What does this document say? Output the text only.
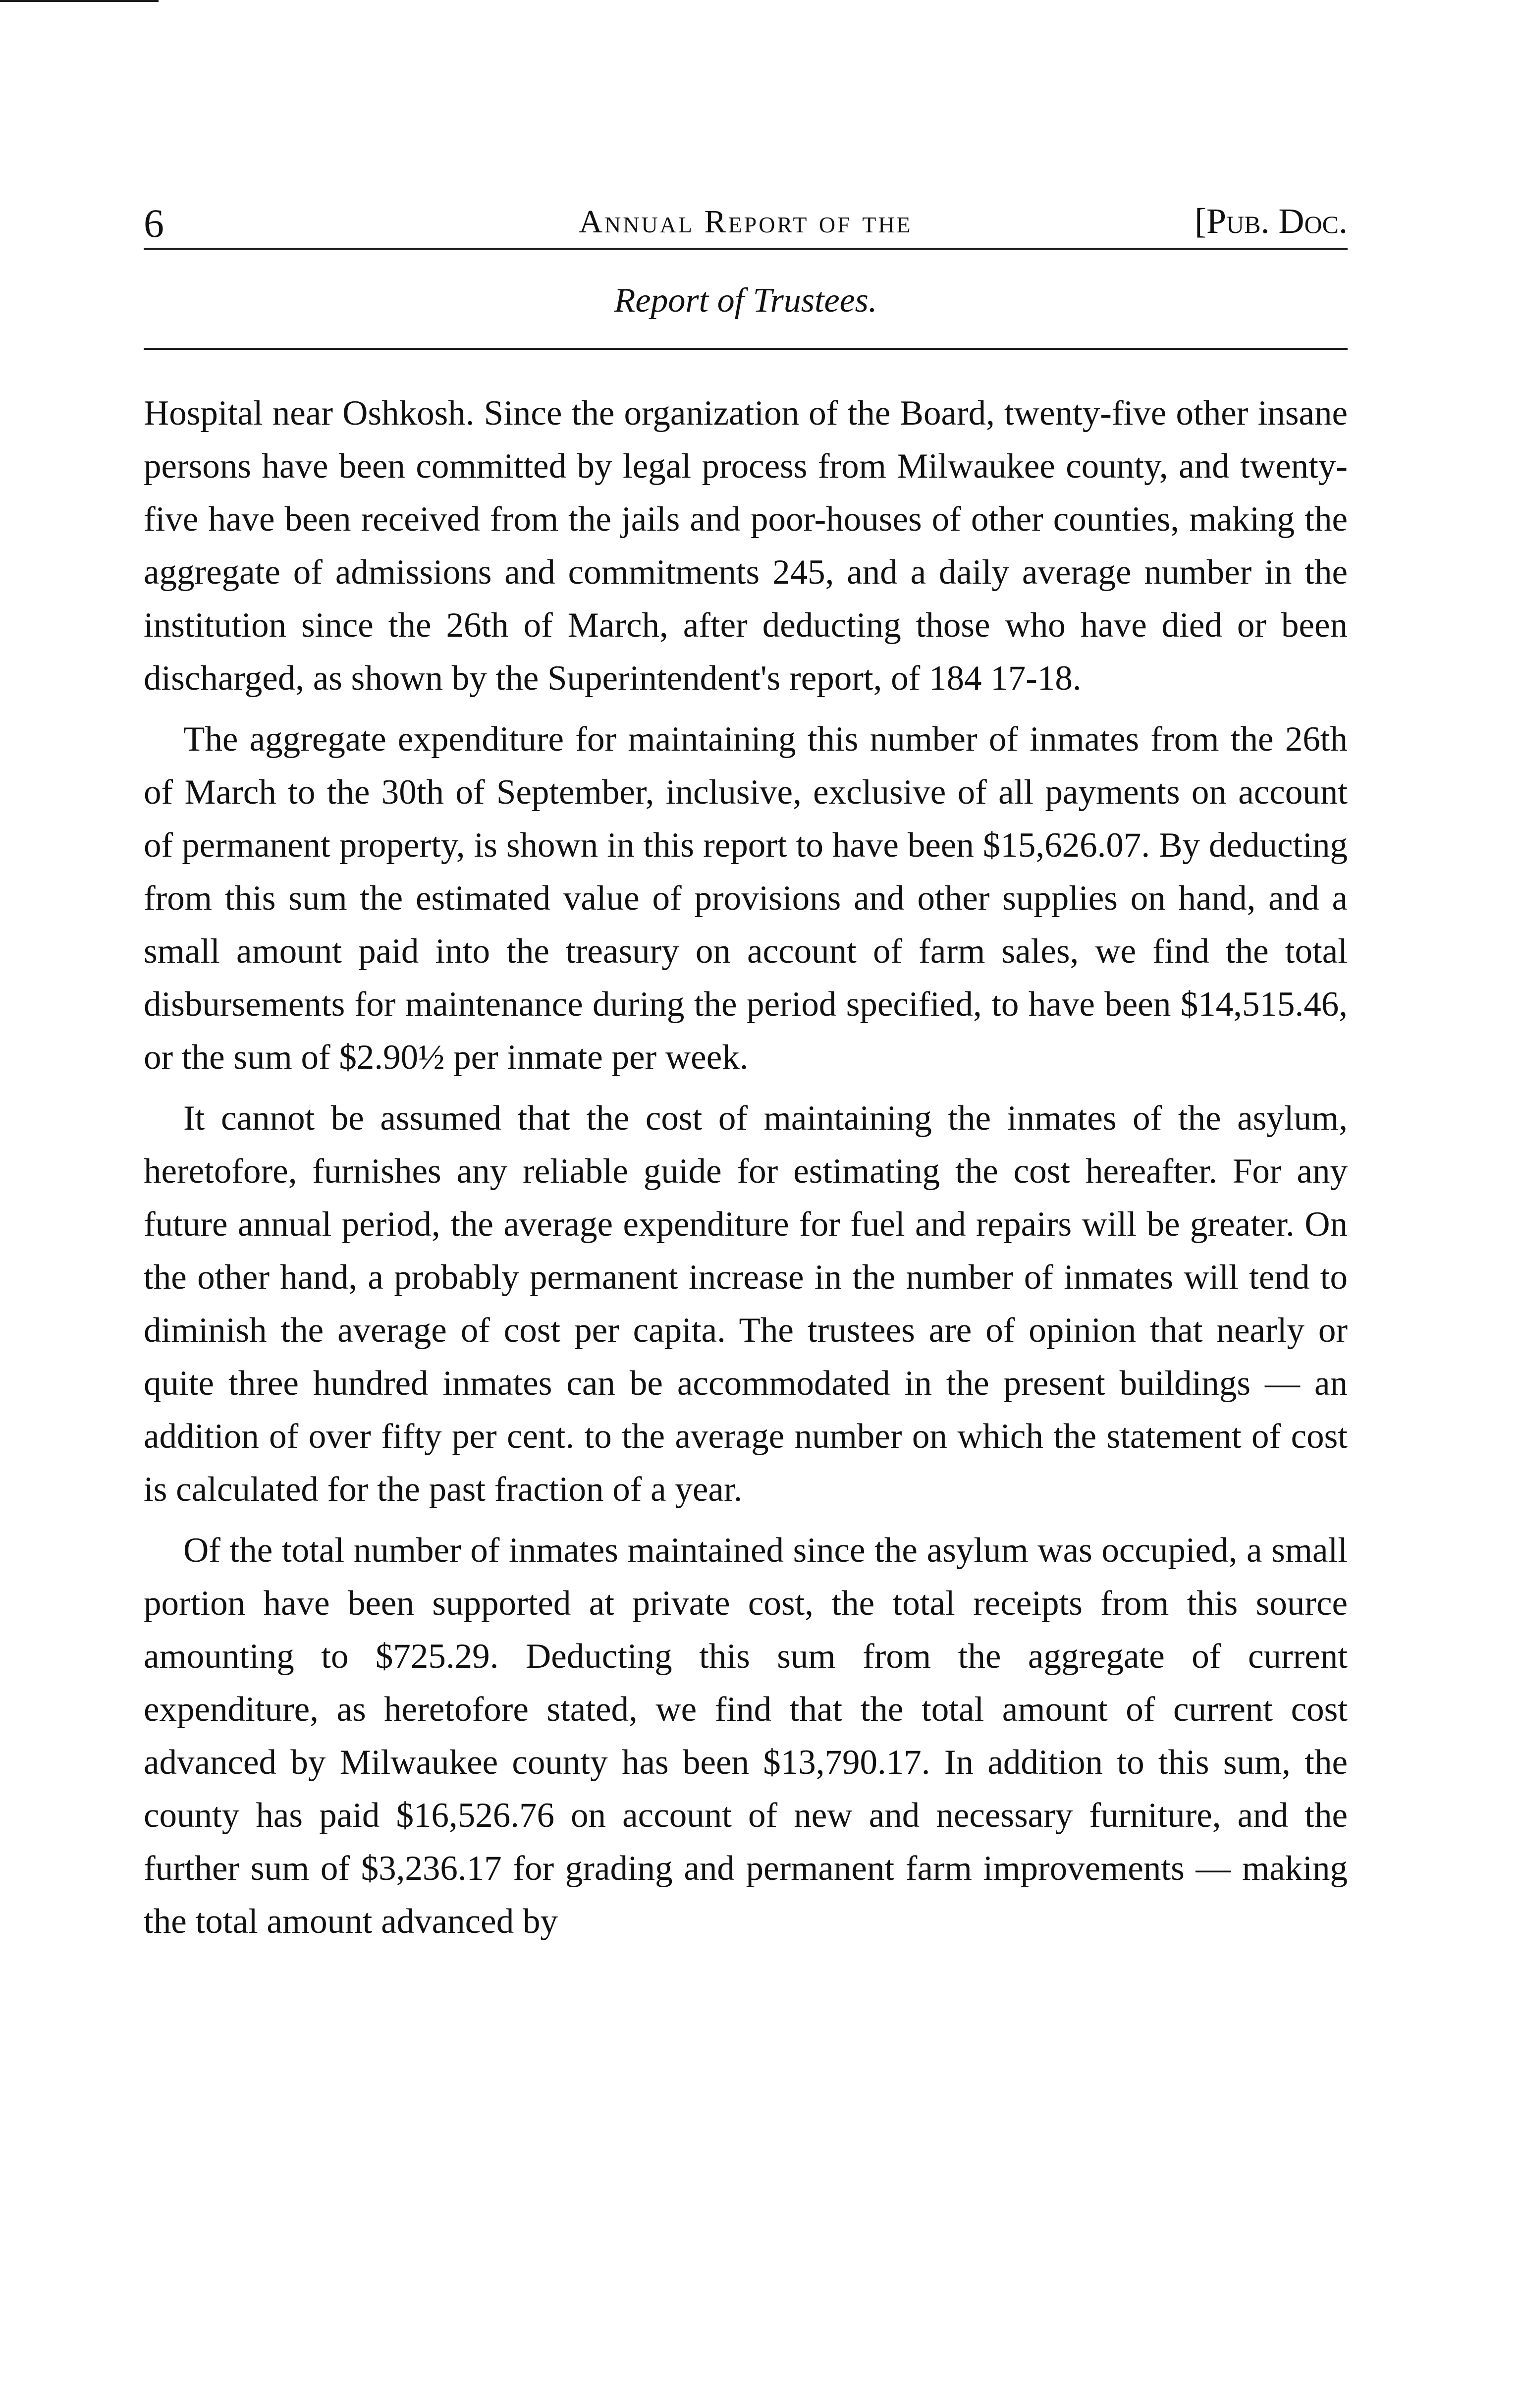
6	Annual Report of the	[Pub. Doc.
Report of Trustees.

Hospital near Oshkosh. Since the organization of the Board, twenty-five other insane persons have been committed by legal process from Milwaukee county, and twenty-five have been received from the jails and poor-houses of other counties, making the aggregate of admissions and commitments 245, and a daily average number in the institution since the 26th of March, after deducting those who have died or been discharged, as shown by the Superintendent's report, of 184 17-18.

The aggregate expenditure for maintaining this number of inmates from the 26th of March to the 30th of September, inclusive, exclusive of all payments on account of permanent property, is shown in this report to have been $15,626.07. By deducting from this sum the estimated value of provisions and other supplies on hand, and a small amount paid into the treasury on account of farm sales, we find the total disbursements for maintenance during the period specified, to have been $14,515.46, or the sum of $2.90½ per inmate per week.

It cannot be assumed that the cost of maintaining the inmates of the asylum, heretofore, furnishes any reliable guide for estimating the cost hereafter. For any future annual period, the average expenditure for fuel and repairs will be greater. On the other hand, a probably permanent increase in the number of inmates will tend to diminish the average of cost per capita. The trustees are of opinion that nearly or quite three hundred inmates can be accommodated in the present buildings — an addition of over fifty per cent. to the average number on which the statement of cost is calculated for the past fraction of a year.

Of the total number of inmates maintained since the asylum was occupied, a small portion have been supported at private cost, the total receipts from this source amounting to $725.29. Deducting this sum from the aggregate of current expenditure, as heretofore stated, we find that the total amount of current cost advanced by Milwaukee county has been $13,790.17. In addition to this sum, the county has paid $16,526.76 on account of new and necessary furniture, and the further sum of $3,236.17 for grading and permanent farm improvements — making the total amount advanced by
